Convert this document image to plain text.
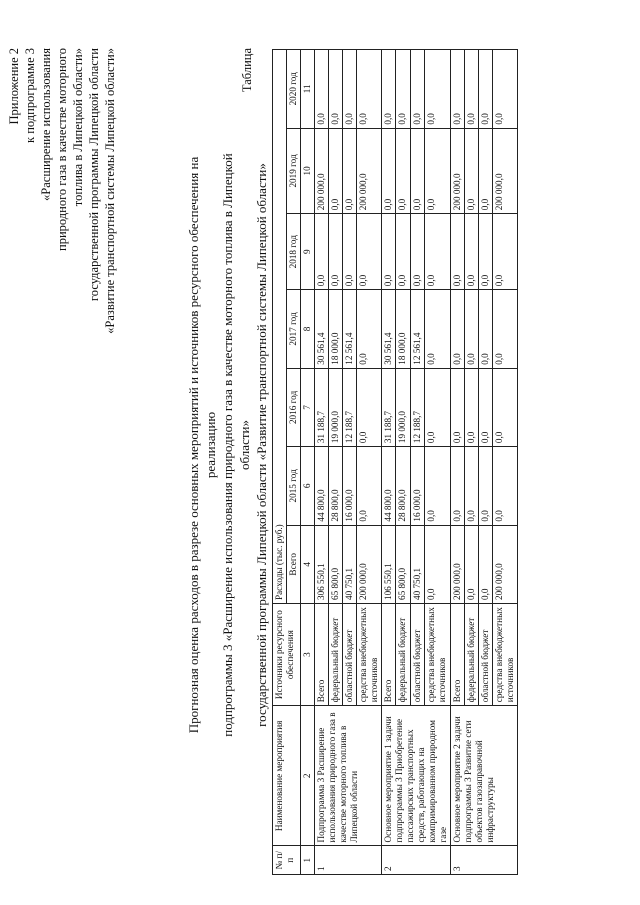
Приложение 2 к подпрограмме 3 «Расширение использования природного газа в качестве моторного топлива в Липецкой области» государственной программы Липецкой области «Развитие транспортной системы Липецкой области»	Прогнозная оценка расходов в разрезе основных мероприятий и источников ресурсного обеспечения на реализацию подпрограммы 3 «Расширение использования природного газа в качестве моторного топлива в Липецкой области» государственной программы Липецкой области «Развитие транспортной системы Липецкой области»
Таблица
№ п/п	Наименование мероприятия	Источники ресурсного обеспечения	Расходы (тыс. руб.)						
			Всего	2015 год	2016 год	2017 год	2018 год	2019 год	2020 год
1	2	3	4	6	7	8	9	10	11
1	Подпрограмма 3 Расширение использования природного газа в качестве моторного топлива в Липецкой области	Всего	306 550,1	44 800,0	31 188,7	30 561,4	0,0	200 000,0	0,0
		федеральный бюджет	65 800,0	28 800,0	19 000,0	18 000,0	0,0	0,0	0,0
		областной бюджет	40 750,1	16 000,0	12 188,7	12 561,4	0,0	0,0	0,0
		средства внебюджетных источников	200 000,0	0,0	0,0	0,0	0,0	200 000,0	0,0
2	Основное мероприятие 1 задачи подпрограммы 3 Приобретение пассажирских транспортных средств, работающих на компримированном природном газе	Всего	106 550,1	44 800,0	31 188,7	30 561,4	0,0	0,0	0,0
		федеральный бюджет	65 800,0	28 800,0	19 000,0	18 000,0	0,0	0,0	0,0
		областной бюджет	40 750,1	16 000,0	12 188,7	12 561,4	0,0	0,0	0,0
		средства внебюджетных источников	0,0	0,0	0,0	0,0	0,0	0,0	0,0
3	Основное мероприятие 2 задачи подпрограммы 3 Развитие сети объектов газозаправочной инфраструктуры	Всего	200 000,0	0,0	0,0	0,0	0,0	200 000,0	0,0
		федеральный бюджет	0,0	0,0	0,0	0,0	0,0	0,0	0,0
		областной бюджет	0,0	0,0	0,0	0,0	0,0	0,0	0,0
		средства внебюджетных источников	200 000,0	0,0	0,0	0,0	0,0	200 000,0	0,0
